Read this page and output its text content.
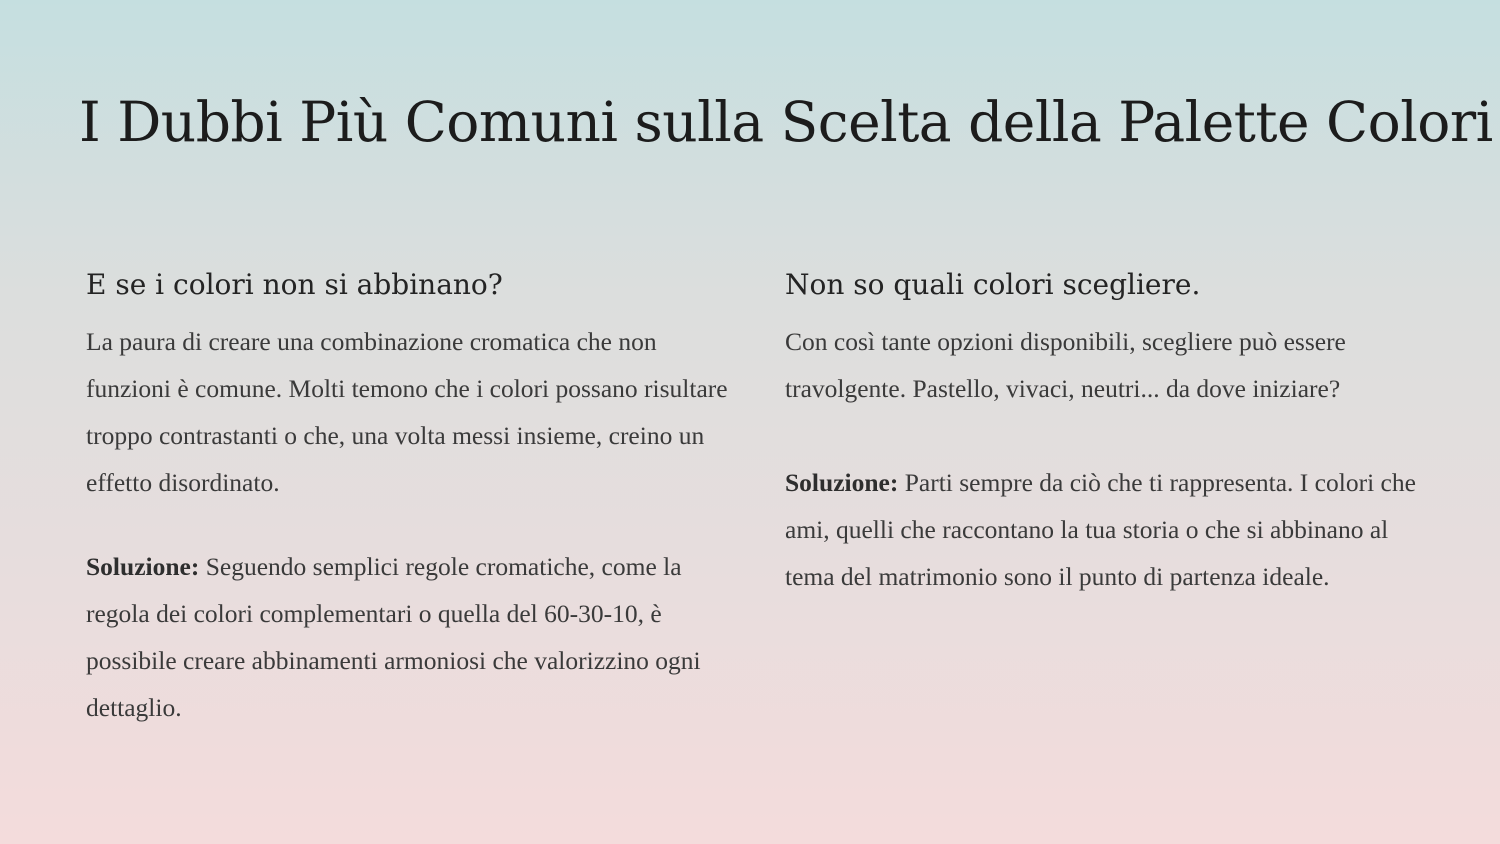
I Dubbi Più Comuni sulla Scelta della Palette Colori
E se i colori non si abbinano?

La paura di creare una combinazione cromatica che non funzioni è comune. Molti temono che i colori possano risultare troppo contrastanti o che, una volta messi insieme, creino un effetto disordinato.

Soluzione: Seguendo semplici regole cromatiche, come la regola dei colori complementari o quella del 60-30-10, è possibile creare abbinamenti armoniosi che valorizzino ogni dettaglio.

Non so quali colori scegliere.

Con così tante opzioni disponibili, scegliere può essere travolgente. Pastello, vivaci, neutri... da dove iniziare?

Soluzione: Parti sempre da ciò che ti rappresenta. I colori che ami, quelli che raccontano la tua storia o che si abbinano al tema del matrimonio sono il punto di partenza ideale.
